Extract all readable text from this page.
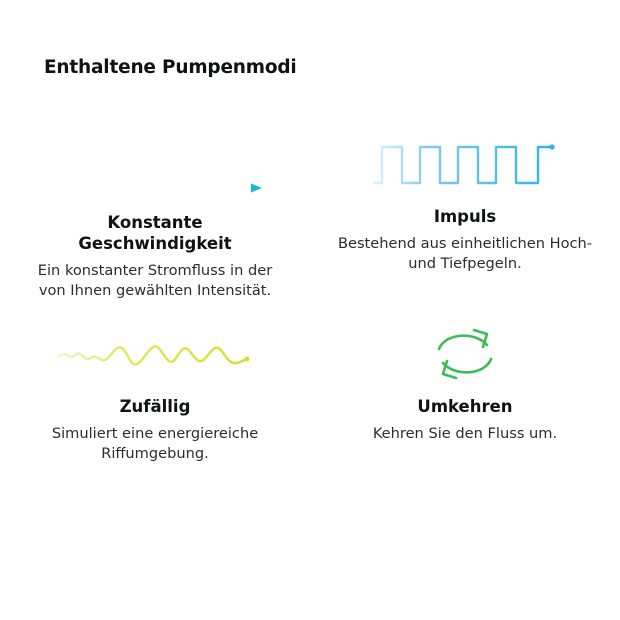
Enthaltene Pumpenmodi
Konstante Geschwindigkeit
Ein konstanter Stromfluss in der von Ihnen gewählten Intensität.
Impuls
Bestehend aus einheitlichen Hoch- und Tiefpegeln.
Zufällig
Simuliert eine energiereiche Riffumgebung.
Umkehren
Kehren Sie den Fluss um.
